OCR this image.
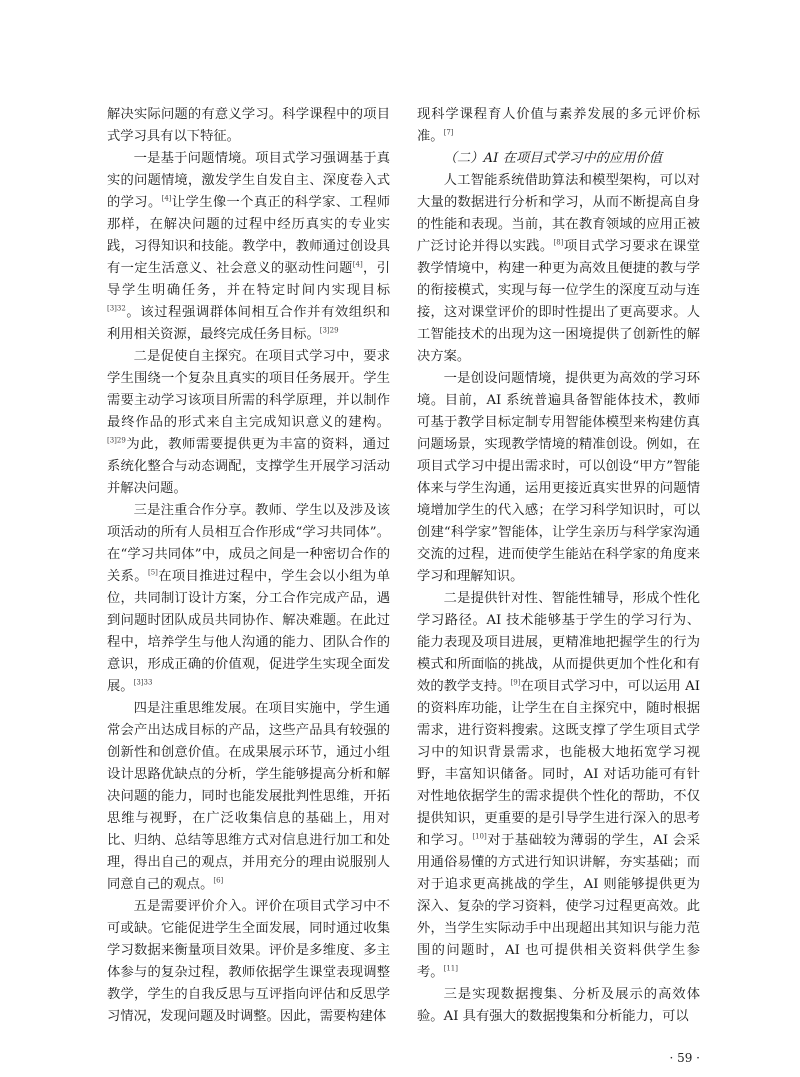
解决实际问题的有意义学习。科学课程中的项目式学习具有以下特征。

一是基于问题情境。项目式学习强调基于真实的问题情境，激发学生自发自主、深度卷入式的学习。[4]让学生像一个真正的科学家、工程师那样，在解决问题的过程中经历真实的专业实践，习得知识和技能。教学中，教师通过创设具有一定生活意义、社会意义的驱动性问题[4]，引导学生明确任务，并在特定时间内实现目标$^{[3]32}$。该过程强调群体间相互合作并有效组织和利用相关资源，最终完成任务目标。$^{[3]29}$

二是促使自主探究。在项目式学习中，要求学生围绕一个复杂且真实的项目任务展开。学生需要主动学习该项目所需的科学原理，并以制作最终作品的形式来自主完成知识意义的建构。$^{[3]29}$为此，教师需要提供更为丰富的资料，通过系统化整合与动态调配，支撑学生开展学习活动并解决问题。

三是注重合作分享。教师、学生以及涉及该项活动的所有人员相互合作形成“学习共同体”。在“学习共同体”中，成员之间是一种密切合作的关系。[5]在项目推进过程中，学生会以小组为单位，共同制订设计方案，分工合作完成产品，遇到问题时团队成员共同协作、解决难题。在此过程中，培养学生与他人沟通的能力、团队合作的意识，形成正确的价值观，促进学生实现全面发展。$^{[3]33}$

四是注重思维发展。在项目实施中，学生通常会产出达成目标的产品，这些产品具有较强的创新性和创意价值。在成果展示环节，通过小组设计思路优缺点的分析，学生能够提高分析和解决问题的能力，同时也能发展批判性思维，开拓思维与视野，在广泛收集信息的基础上，用对比、归纳、总结等思维方式对信息进行加工和处理，得出自己的观点，并用充分的理由说服别人同意自己的观点。[6]

五是需要评价介入。评价在项目式学习中不可或缺。它能促进学生全面发展，同时通过收集学习数据来衡量项目效果。评价是多维度、多主体参与的复杂过程，教师依据学生课堂表现调整教学，学生的自我反思与互评指向评估和反思学习情况，发现问题及时调整。因此，需要构建体

现科学课程育人价值与素养发展的多元评价标准。[7]

（二）AI 在项目式学习中的应用价值

人工智能系统借助算法和模型架构，可以对大量的数据进行分析和学习，从而不断提高自身的性能和表现。当前，其在教育领域的应用正被广泛讨论并得以实践。[8]项目式学习要求在课堂教学情境中，构建一种更为高效且便捷的教与学的衔接模式，实现与每一位学生的深度互动与连接，这对课堂评价的即时性提出了更高要求。人工智能技术的出现为这一困境提供了创新性的解决方案。

一是创设问题情境，提供更为高效的学习环境。目前，AI 系统普遍具备智能体技术，教师可基于教学目标定制专用智能体模型来构建仿真问题场景，实现教学情境的精准创设。例如，在项目式学习中提出需求时，可以创设“甲方”智能体来与学生沟通，运用更接近真实世界的问题情境增加学生的代入感；在学习科学知识时，可以创建“科学家”智能体，让学生亲历与科学家沟通交流的过程，进而使学生能站在科学家的角度来学习和理解知识。

二是提供针对性、智能性辅导，形成个性化学习路径。AI 技术能够基于学生的学习行为、能力表现及项目进展，更精准地把握学生的行为模式和所面临的挑战，从而提供更加个性化和有效的教学支持。[9]在项目式学习中，可以运用 AI 的资料库功能，让学生在自主探究中，随时根据需求，进行资料搜索。这既支撑了学生项目式学习中的知识背景需求，也能极大地拓宽学习视野，丰富知识储备。同时，AI 对话功能可有针对性地依据学生的需求提供个性化的帮助，不仅提供知识，更重要的是引导学生进行深入的思考和学习。[10]对于基础较为薄弱的学生，AI 会采用通俗易懂的方式进行知识讲解，夯实基础；而对于追求更高挑战的学生，AI 则能够提供更为深入、复杂的学习资料，使学习过程更高效。此外，当学生实际动手中出现超出其知识与能力范围的问题时，AI 也可提供相关资料供学生参考。[11]

三是实现数据搜集、分析及展示的高效体验。AI 具有强大的数据搜集和分析能力，可以

· 59 ·
